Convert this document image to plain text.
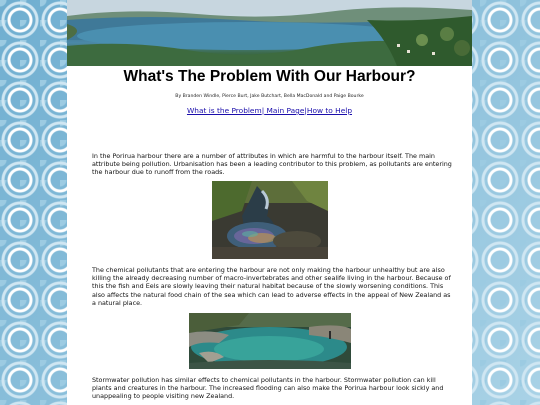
What's The Problem With Our Harbour?
By Branden Windle, Pierce Burt, Jake Butchart, Bella MacDonald and Paige Bourke
What is the Problem| Main Page|How to Help
In the Porirua harbour there are a number of attributes in which are harmful to the harbour itself. The main attribute being pollution. Urbanisation has been a leading contributor to this problem, as pollutants are entering the harbour due to runoff from the roads.
The chemical pollutants that are entering the harbour are not only making the harbour unhealthy but are also killing the already decreasing number of macro-invertebrates and other sealife living in the harbour. Because of this the fish and Eels are slowly leaving their natural habitat because of the slowly worsening conditions. This also affects the natural food chain of the sea which can lead to adverse effects in the appeal of New Zealand as a natural place.
Stormwater pollution has similar effects to chemical pollutants in the harbour. Stormwater pollution can kill plants and creatures in the harbour. The increased flooding can also make the Porirua harbour look sickly and unappealing to people visiting new Zealand.
